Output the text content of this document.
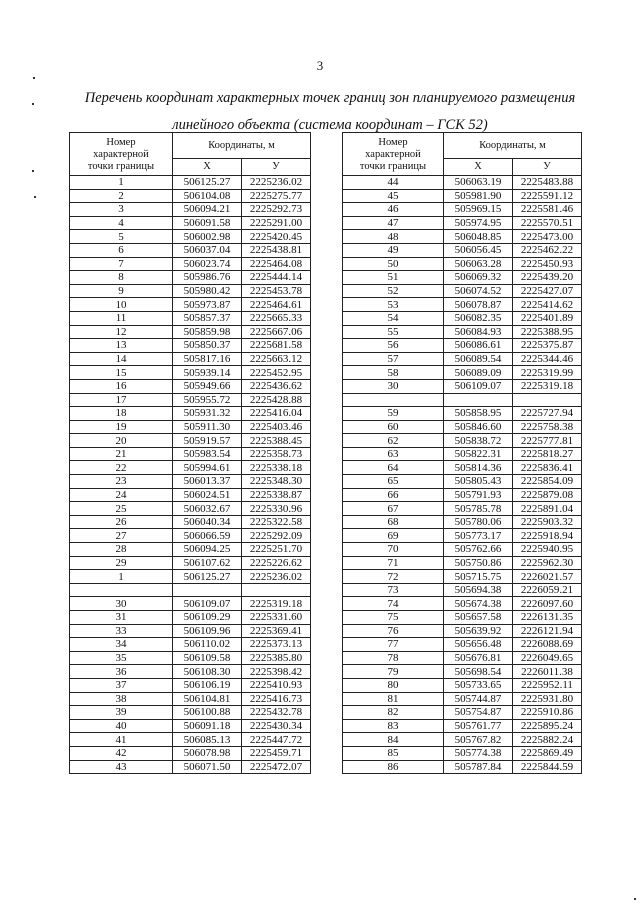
3
Перечень координат характерных точек границ зон планируемого размещения
линейного объекта (система координат – ГСК 52)
Номер
характерной
точки границы	Координаты, м	
	Х	У
1	506125.27	2225236.02
2	506104.08	2225275.77
3	506094.21	2225292.73
4	506091.58	2225291.00
5	506002.98	2225420.45
6	506037.04	2225438.81
7	506023.74	2225464.08
8	505986.76	2225444.14
9	505980.42	2225453.78
10	505973.87	2225464.61
11	505857.37	2225665.33
12	505859.98	2225667.06
13	505850.37	2225681.58
14	505817.16	2225663.12
15	505939.14	2225452.95
16	505949.66	2225436.62
17	505955.72	2225428.88
18	505931.32	2225416.04
19	505911.30	2225403.46
20	505919.57	2225388.45
21	505983.54	2225358.73
22	505994.61	2225338.18
23	506013.37	2225348.30
24	506024.51	2225338.87
25	506032.67	2225330.96
26	506040.34	2225322.58
27	506066.59	2225292.09
28	506094.25	2225251.70
29	506107.62	2225226.62
1	506125.27	2225236.02

30	506109.07	2225319.18
31	506109.29	2225331.60
33	506109.96	2225369.41
34	506110.02	2225373.13
35	506109.58	2225385.80
36	506108.30	2225398.42
37	506106.19	2225410.93
38	506104.81	2225416.73
39	506100.88	2225432.78
40	506091.18	2225430.34
41	506085.13	2225447.72
42	506078.98	2225459.71
43	506071.50	2225472.07
Номер
характерной
точки границы	Координаты, м	
	Х	У
44	506063.19	2225483.88
45	505981.90	2225591.12
46	505969.15	2225581.46
47	505974.95	2225570.51
48	506048.85	2225473.00
49	506056.45	2225462.22
50	506063.28	2225450.93
51	506069.32	2225439.20
52	506074.52	2225427.07
53	506078.87	2225414.62
54	506082.35	2225401.89
55	506084.93	2225388.95
56	506086.61	2225375.87
57	506089.54	2225344.46
58	506089.09	2225319.99
30	506109.07	2225319.18

59	505858.95	2225727.94
60	505846.60	2225758.38
62	505838.72	2225777.81
63	505822.31	2225818.27
64	505814.36	2225836.41
65	505805.43	2225854.09
66	505791.93	2225879.08
67	505785.78	2225891.04
68	505780.06	2225903.32
69	505773.17	2225918.94
70	505762.66	2225940.95
71	505750.86	2225962.30
72	505715.75	2226021.57
73	505694.38	2226059.21
74	505674.38	2226097.60
75	505657.58	2226131.35
76	505639.92	2226121.94
77	505656.48	2226088.69
78	505676.81	2226049.65
79	505698.54	2226011.38
80	505733.65	2225952.11
81	505744.87	2225931.80
82	505754.87	2225910.86
83	505761.77	2225895.24
84	505767.82	2225882.24
85	505774.38	2225869.49
86	505787.84	2225844.59
